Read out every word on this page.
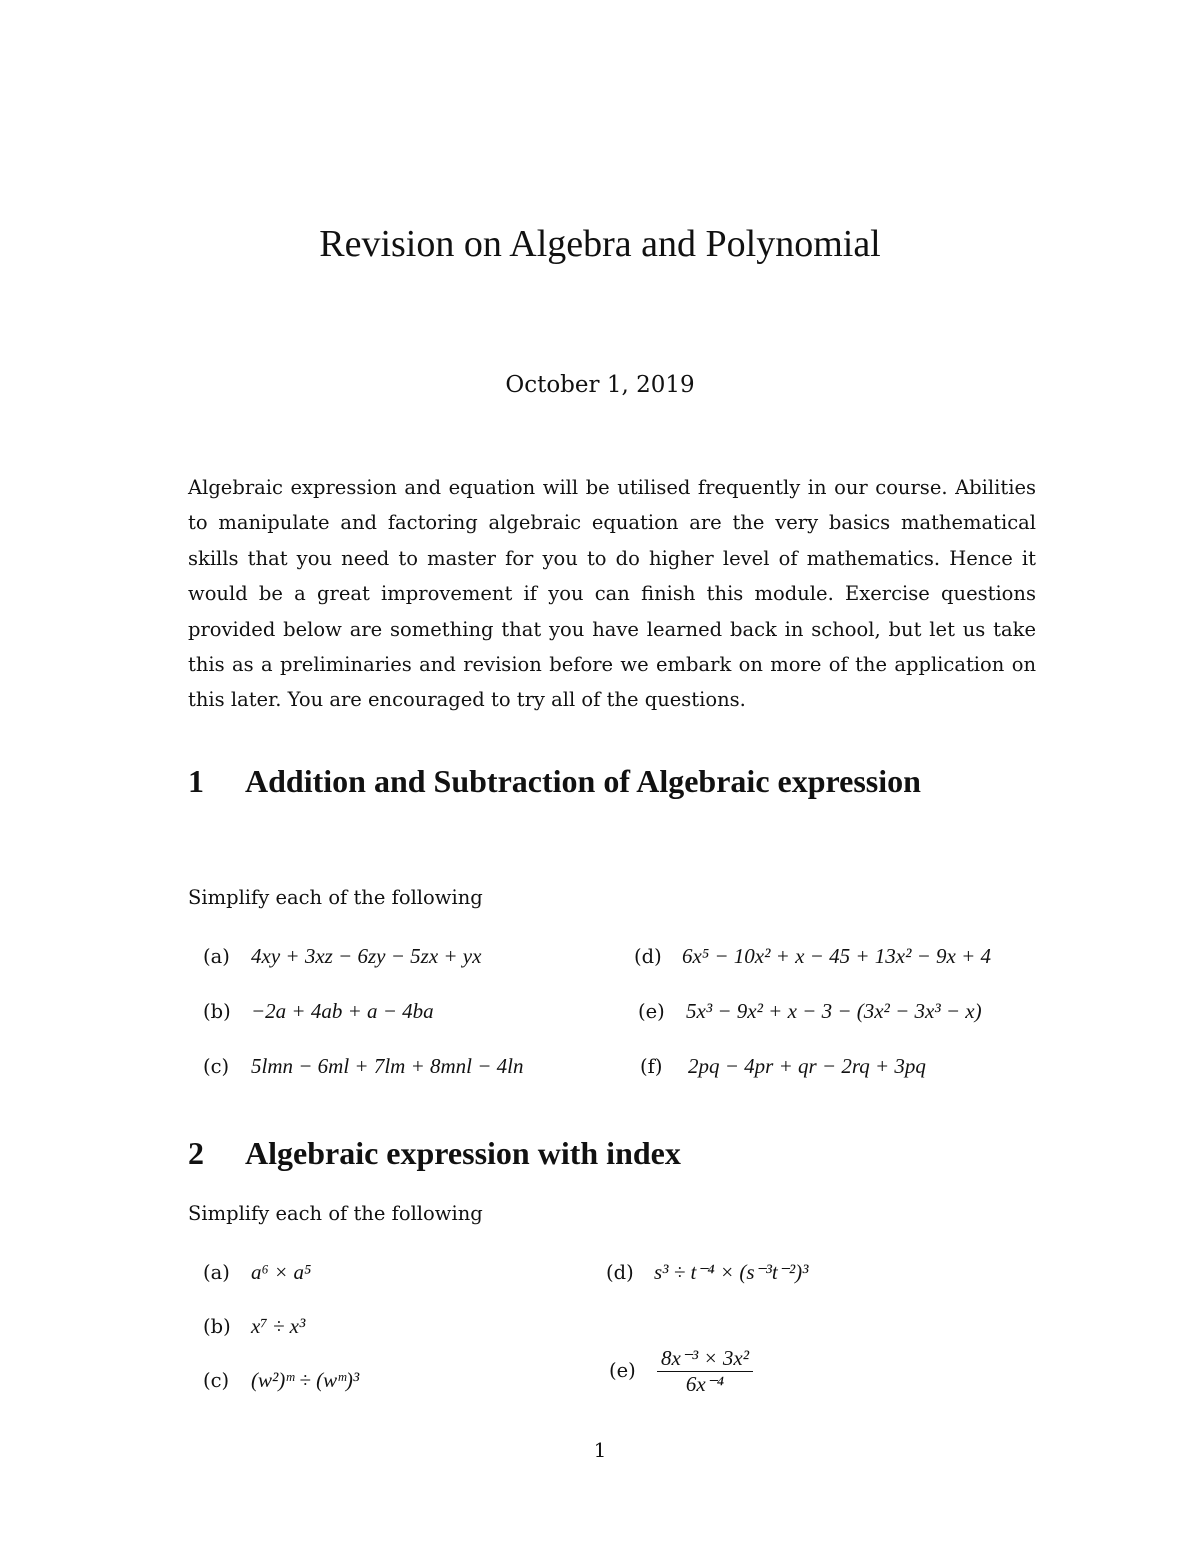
Revision on Algebra and Polynomial
October 1, 2019

Algebraic expression and equation will be utilised frequently in our course. Abilities to manipulate and factoring algebraic equation are the very basics mathematical skills that you need to master for you to do higher level of mathematics. Hence it would be a great improvement if you can finish this module. Exercise questions provided below are something that you have learned back in school, but let us take this as a preliminaries and revision before we embark on more of the application on this later. You are encouraged to try all of the questions.

1 Addition and Subtraction of Algebraic expression
Simplify each of the following
(a) 4xy + 3xz − 6zy − 5zx + yx
(b) −2a + 4ab + a − 4ba
(c) 5lmn − 6ml + 7lm + 8mnl − 4ln
(d) 6x⁵ − 10x² + x − 45 + 13x² − 9x + 4
(e) 5x³ − 9x² + x − 3 − (3x² − 3x³ − x)
(f) 2pq − 4pr + qr − 2rq + 3pq
2 Algebraic expression with index
Simplify each of the following
(a) a⁶ × a⁵
(b) x⁷ ÷ x³
(c) (w²)ᵐ ÷ (wᵐ)³
(d) s³ ÷ t⁻⁴ × (s⁻³t⁻²)³
$(e) \frac{\text{8x⁻³ × 3x²}}{\text{6x⁻⁴}}$
1
